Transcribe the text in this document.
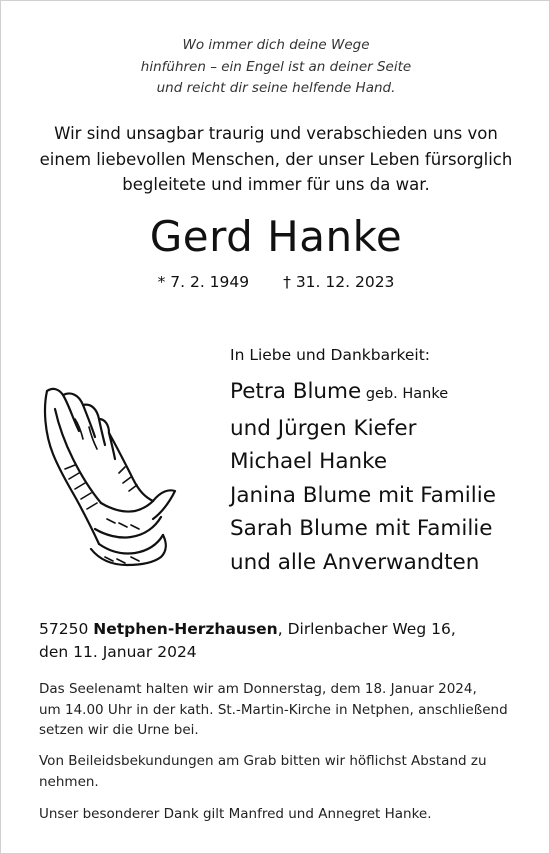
Wo immer dich deine Wege
hinführen – ein Engel ist an deiner Seite
und reicht dir seine helfende Hand.
Wir sind unsagbar traurig und verabschieden uns von
einem liebevollen Menschen, der unser Leben fürsorglich
begleitete und immer für uns da war.
Gerd Hanke
* 7. 2. 1949 † 31. 12. 2023
In Liebe und Dankbarkeit:
Petra Blume geb. Hanke
und Jürgen Kiefer
Michael Hanke
Janina Blume mit Familie
Sarah Blume mit Familie
und alle Anverwandten
57250 Netphen-Herzhausen, Dirlenbacher Weg 16,
den 11. Januar 2024
Das Seelenamt halten wir am Donnerstag, dem 18. Januar 2024,
um 14.00 Uhr in der kath. St.-Martin-Kirche in Netphen, anschließend
setzen wir die Urne bei.
Von Beileidsbekundungen am Grab bitten wir höflichst Abstand zu
nehmen.
Unser besonderer Dank gilt Manfred und Annegret Hanke.
